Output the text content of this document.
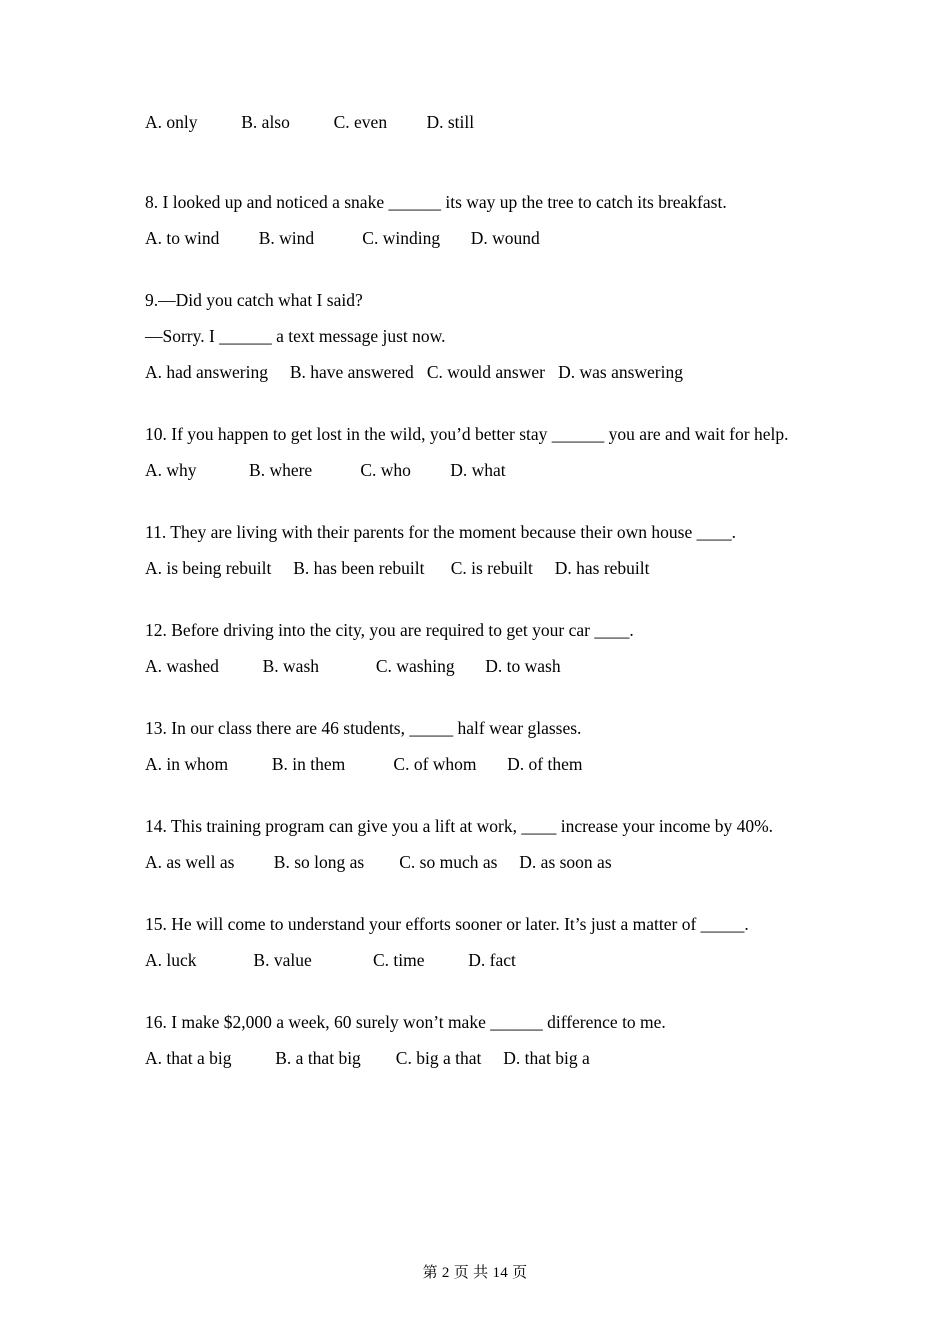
A. only          B. also          C. even         D. still
8. I looked up and noticed a snake ______ its way up the tree to catch its breakfast.
A. to wind         B. wind           C. winding       D. wound
9.—Did you catch what I said?
—Sorry. I ______ a text message just now.
A. had answering     B. have answered   C. would answer   D. was answering
10. If you happen to get lost in the wild, you’d better stay ______ you are and wait for help.
A. why            B. where           C. who         D. what
11. They are living with their parents for the moment because their own house ____.
A. is being rebuilt     B. has been rebuilt      C. is rebuilt     D. has rebuilt
12. Before driving into the city, you are required to get your car ____.
A. washed          B. wash             C. washing       D. to wash
13. In our class there are 46 students, _____ half wear glasses.
A. in whom          B. in them           C. of whom       D. of them
14. This training program can give you a lift at work, ____ increase your income by 40%.
A. as well as         B. so long as        C. so much as     D. as soon as
15. He will come to understand your efforts sooner or later. It’s just a matter of _____.
A. luck             B. value              C. time          D. fact
16. I make $2,000 a week, 60 surely won’t make ______ difference to me.
A. that a big          B. a that big        C. big a that     D. that big a
第 2 页 共 14 页
